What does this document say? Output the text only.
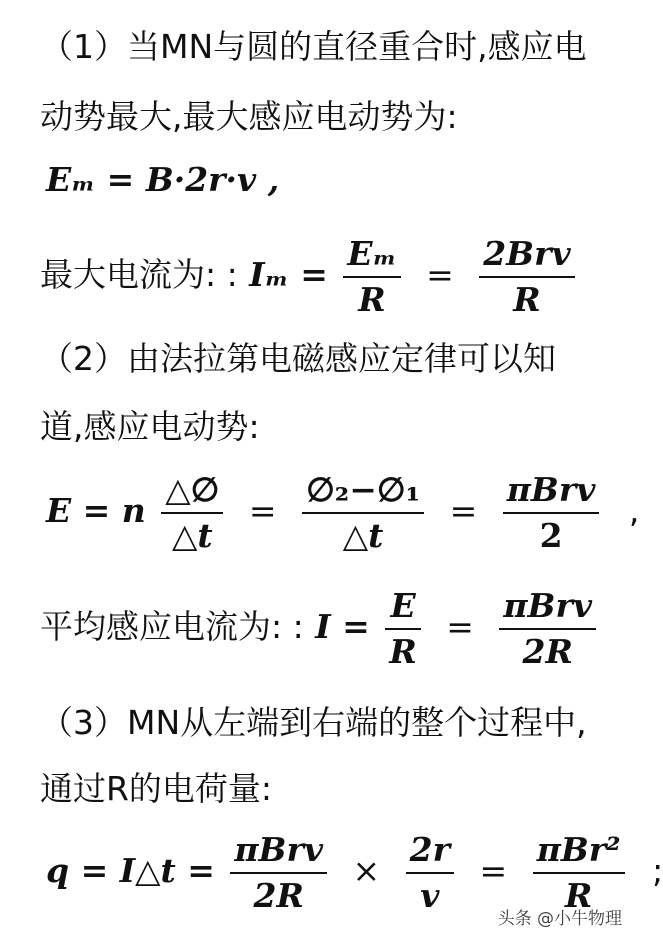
（1）当MN与圆的直径重合时,感应电
动势最大,最大感应电动势为:
Eₘ = B·2r·v ,
最大电流为: : $I_m = \frac{\text{Eₘ}}{R} = \frac{\text{2Brv}}{R}$
（2）由法拉第电磁感应定律可以知
道,感应电动势:
E = n $\frac{\triangle\emptyset}{\triangle t} = \frac{\text{∅₂−∅₁}}{\triangle t} = \frac{\text{πBrv}}{2}$ ,
平均感应电流为: : $I = \frac{E}{R} = \frac{\text{πBrv}}{2R}$
（3）MN从左端到右端的整个过程中,
通过R的电荷量:
q = I△t = $\frac{\text{πBrv}}{2R} \times \frac{2r}{v} = \frac{\text{πBr²}}{R}$ ;
头条 @小牛物理
